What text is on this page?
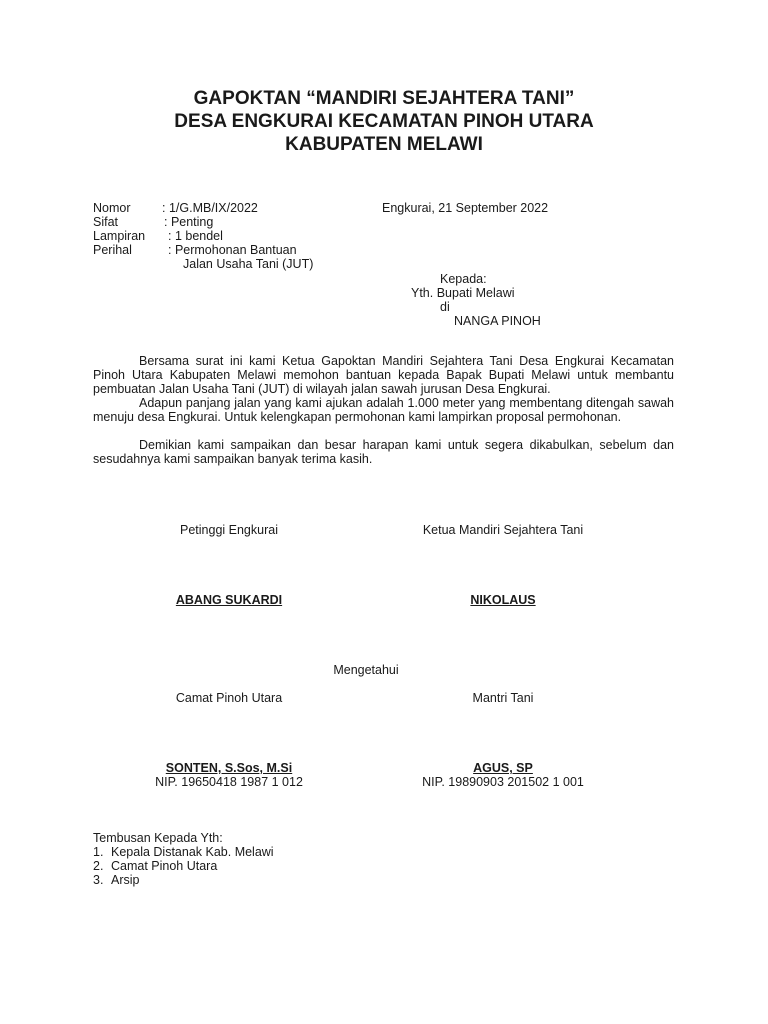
GAPOKTAN “MANDIRI SEJAHTERA TANI”
DESA ENGKURAI KECAMATAN PINOH UTARA
KABUPATEN MELAWI
Nomor	: 1/G.MB/IX/2022	Engkurai, 21 September 2022
Sifat	: Penting
Lampiran : 1 bendel
Perihal	: Permohonan Bantuan
Jalan Usaha Tani (JUT)
Kepada:
Yth. Bupati Melawi
di
NANGA PINOH
Bersama surat ini kami Ketua Gapoktan Mandiri Sejahtera Tani Desa Engkurai Kecamatan Pinoh Utara Kabupaten Melawi memohon bantuan kepada Bapak Bupati Melawi untuk membantu pembuatan Jalan Usaha Tani (JUT) di wilayah jalan sawah jurusan Desa Engkurai.
Adapun panjang jalan yang kami ajukan adalah 1.000 meter yang membentang ditengah sawah menuju desa Engkurai. Untuk kelengkapan permohonan kami lampirkan proposal permohonan.
Demikian kami sampaikan dan besar harapan kami untuk segera dikabulkan, sebelum dan sesudahnya kami sampaikan banyak terima kasih.
Petinggi Engkurai	Ketua Mandiri Sejahtera Tani
ABANG SUKARDI	NIKOLAUS
Mengetahui
Camat Pinoh Utara	Mantri Tani
SONTEN, S.Sos, M.Si	AGUS, SP
NIP. 19650418 1987 1 012	NIP. 19890903 201502 1 001
Tembusan Kepada Yth:
1. Kepala Distanak Kab. Melawi
2. Camat Pinoh Utara
3. Arsip
